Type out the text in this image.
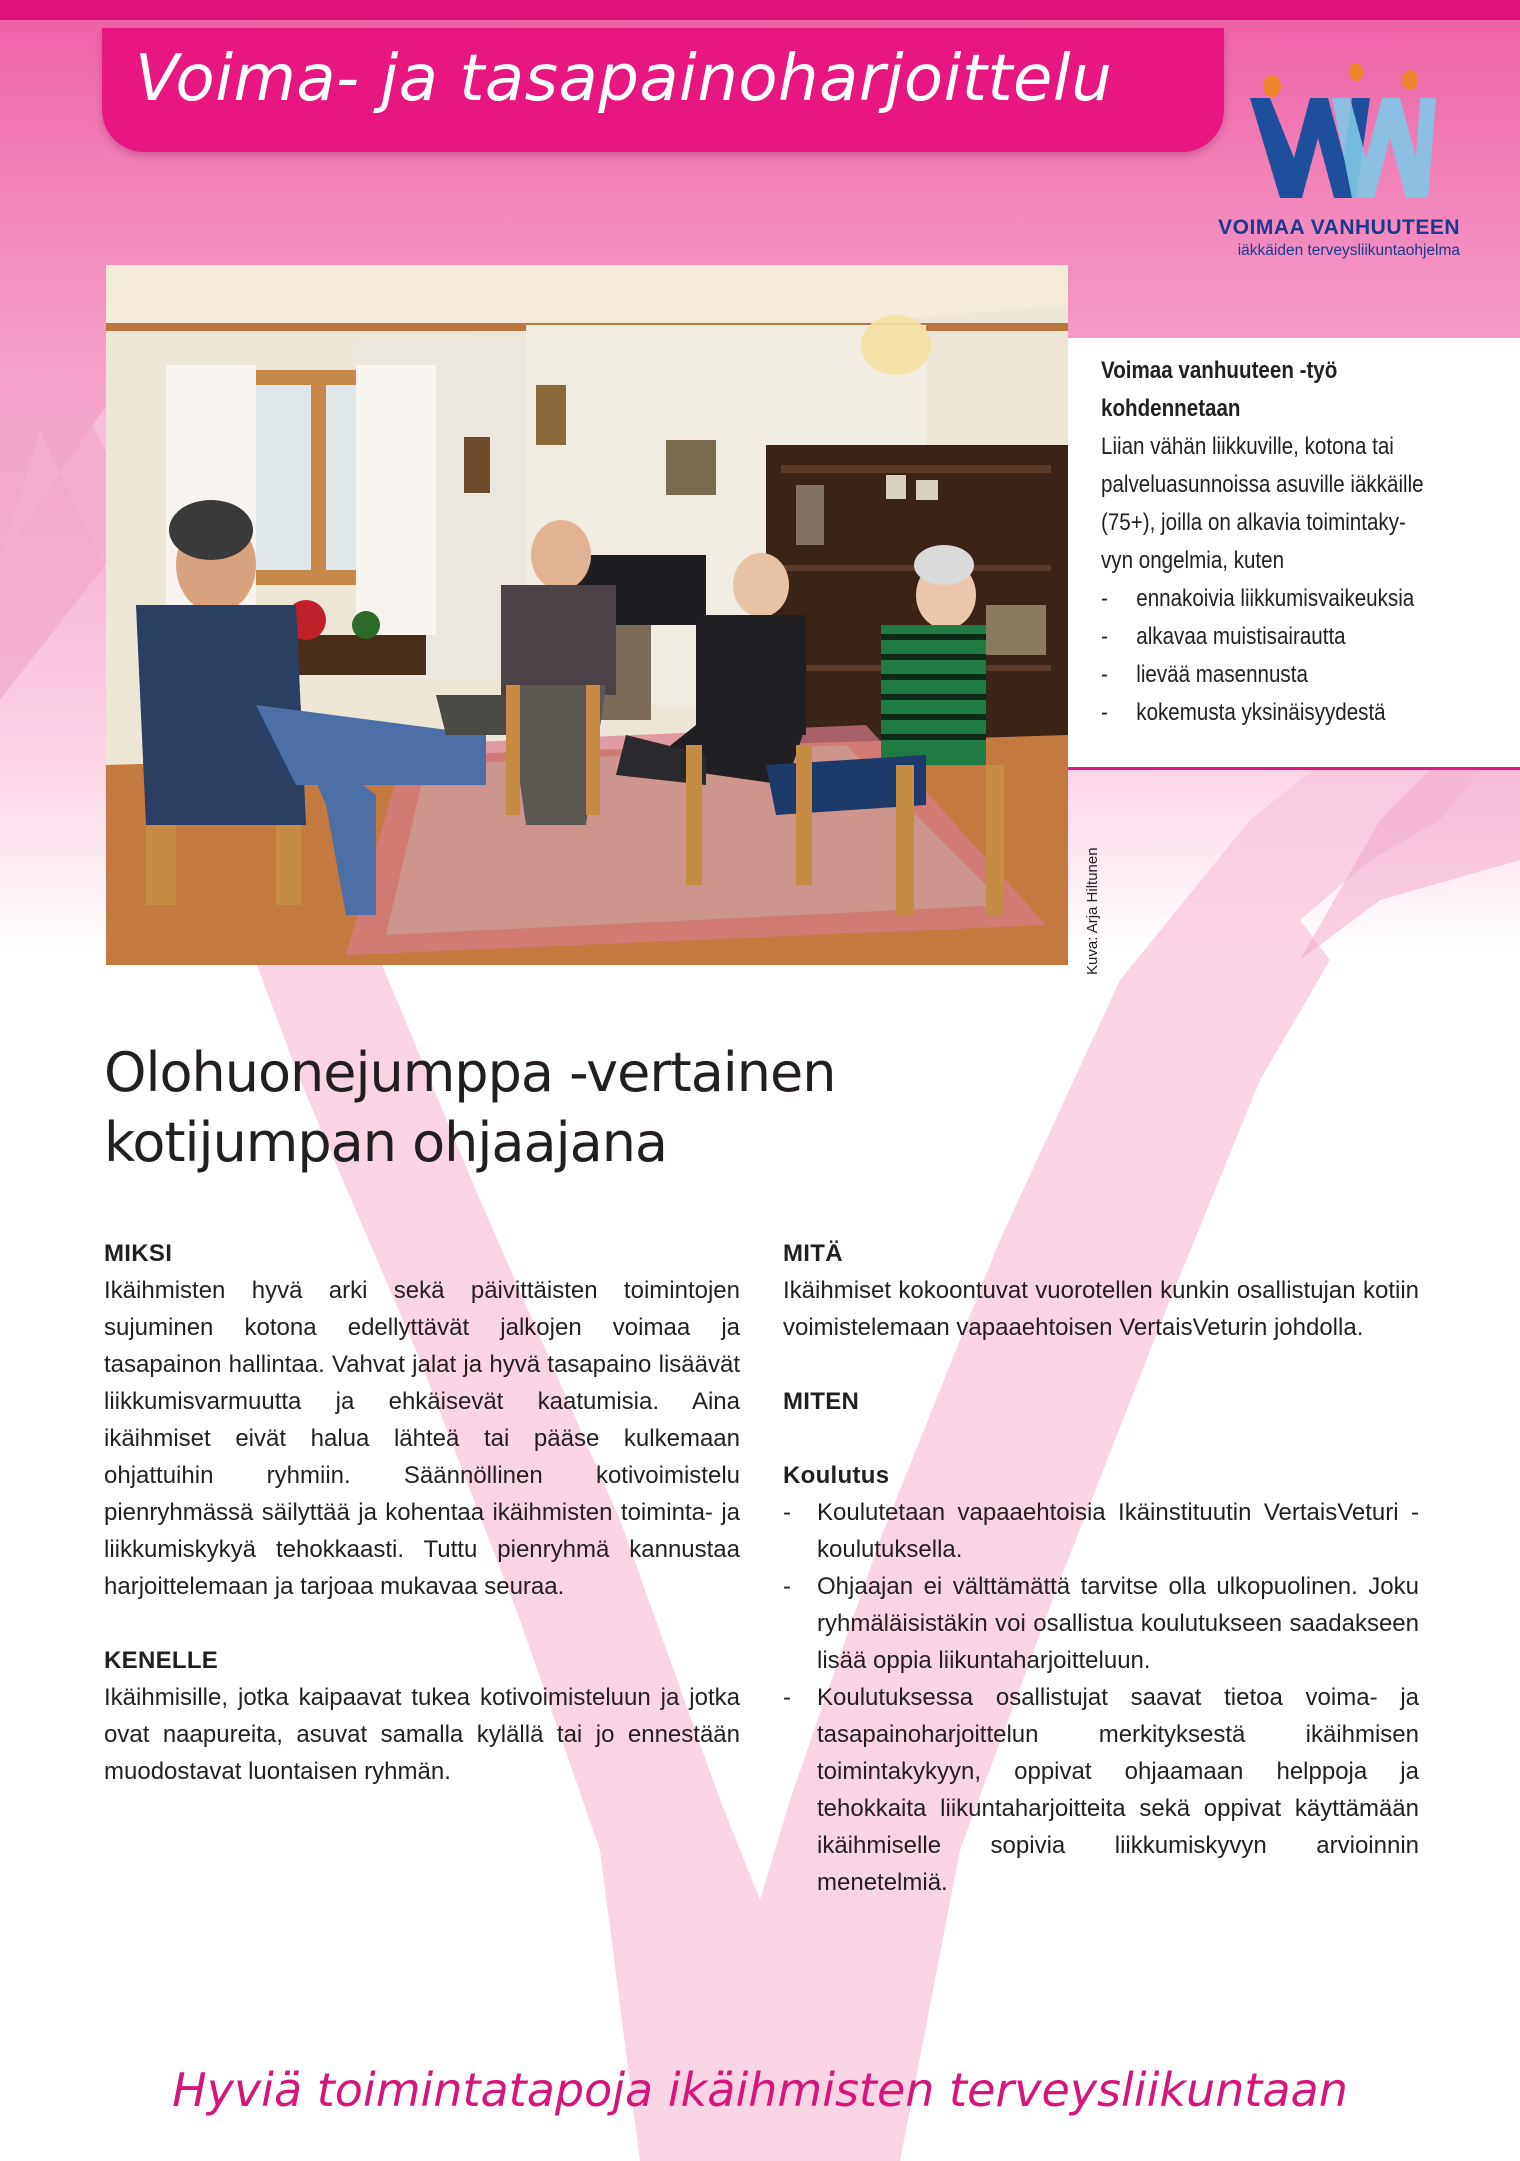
Voima- ja tasapainoharjoittelu
VOIMAA VANHUUTEEN
iäkkäiden terveysliikuntaohjelma
Kuva: Arja Hiltunen
Voimaa vanhuuteen -työ
kohdennetaan
Liian vähän liikkuville, kotona tai
palveluasunnoissa asuville iäkkäille
(75+), joilla on alkavia toimintaky-
vyn ongelmia, kuten
- ennakoivia liikkumisvaikeuksia
- alkavaa muistisairautta
- lievää masennusta
- kokemusta yksinäisyydestä
Olohuonejumppa -vertainen
kotijumpan ohjaajana
MIKSI
Ikäihmisten hyvä arki sekä päivittäisten toimintojen sujuminen kotona edellyttävät jalkojen voimaa ja tasapainon hallintaa. Vahvat jalat ja hyvä tasapaino lisäävät liikkumisvarmuutta ja ehkäisevät kaatumisia. Aina ikäihmiset eivät halua lähteä tai pääse kulkemaan ohjattuihin ryhmiin. Säännöllinen kotivoimistelu pienryhmässä säilyttää ja kohentaa ikäihmisten toiminta- ja liikkumiskykyä tehokkaasti. Tuttu pienryhmä kannustaa harjoittelemaan ja tarjoaa mukavaa seuraa.
KENELLE
Ikäihmisille, jotka kaipaavat tukea kotivoimisteluun ja jotka ovat naapureita, asuvat samalla kylällä tai jo ennestään muodostavat luontaisen ryhmän.
MITÄ
Ikäihmiset kokoontuvat vuorotellen kunkin osallistujan kotiin voimistelemaan vapaaehtoisen VertaisVeturin johdolla.
MITEN
Koulutus
- Koulutetaan vapaaehtoisia Ikäinstituutin VertaisVeturi -koulutuksella.
- Ohjaajan ei välttämättä tarvitse olla ulkopuolinen. Joku ryhmäläisistäkin voi osallistua koulutukseen saadakseen lisää oppia liikuntaharjoitteluun.
- Koulutuksessa osallistujat saavat tietoa voima- ja tasapainoharjoittelun merkityksestä ikäihmisen toimintakykyyn, oppivat ohjaamaan helppoja ja tehokkaita liikuntaharjoitteita sekä oppivat käyttämään ikäihmiselle sopivia liikkumiskyvyn arvioinnin menetelmiä.
Hyviä toimintatapoja ikäihmisten terveysliikuntaan
